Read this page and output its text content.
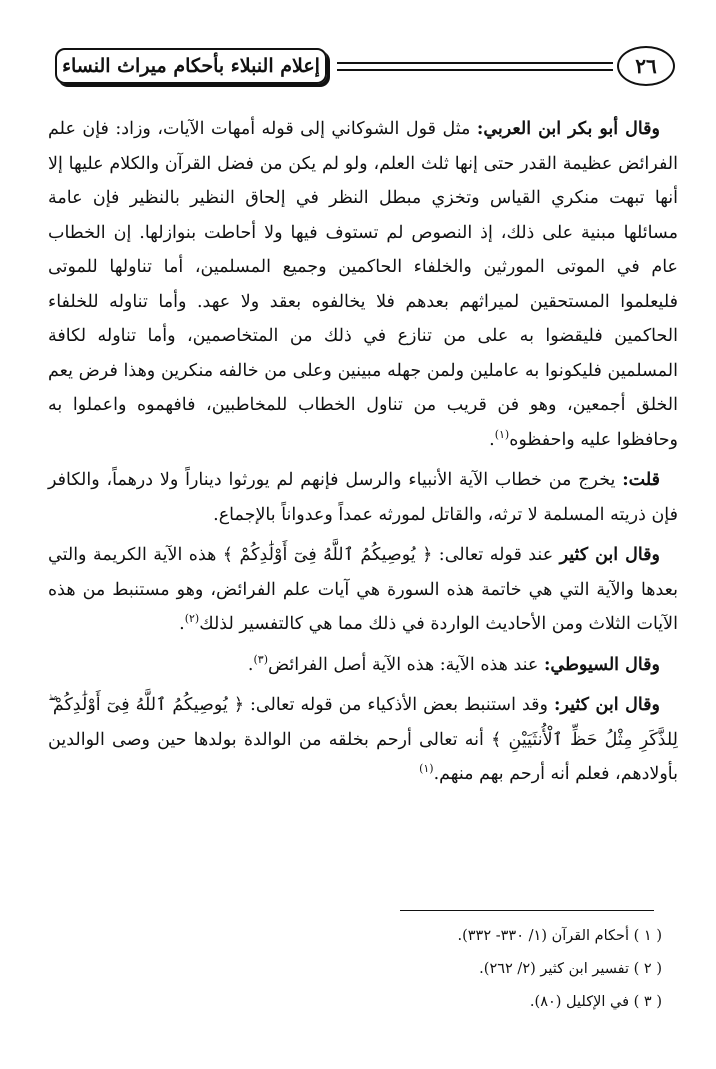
إعلام النبلاء بأحكام ميراث النساء	٢٦

وقال أبو بكر ابن العربي: مثل قول الشوكاني إلى قوله أمهات الآيات، وزاد: فإن علم الفرائض عظيمة القدر حتى إنها ثلث العلم، ولو لم يكن من فضل القرآن والكلام عليها إلا أنها تبهت منكري القياس وتخزي مبطل النظر في إلحاق النظير بالنظير فإن عامة مسائلها مبنية على ذلك، إذ النصوص لم تستوف فيها ولا أحاطت بنوازلها. إن الخطاب عام في الموتى المورثين والخلفاء الحاكمين وجميع المسلمين، أما تناولها للموتى فليعلموا المستحقين لميراثهم بعدهم فلا يخالفوه بعقد ولا عهد. وأما تناوله للخلفاء الحاكمين فليقضوا به على من تنازع في ذلك من المتخاصمين، وأما تناوله لكافة المسلمين فليكونوا به عاملين ولمن جهله مبينين وعلى من خالفه منكرين وهذا فرض يعم الخلق أجمعين، وهو فن قريب من تناول الخطاب للمخاطبين، فافهموه واعملوا به وحافظوا عليه واحفظوه$^{(١)}$.

قلت: يخرج من خطاب الآية الأنبياء والرسل فإنهم لم يورثوا ديناراً ولا درهماً، والكافر فإن ذريته المسلمة لا ترثه، والقاتل لمورثه عمداً وعدواناً بالإجماع.

وقال ابن كثير عند قوله تعالى: ﴿ يُوصِيكُمُ ٱللَّهُ فِىٓ أَوْلَٰدِكُمْ ﴾ هذه الآية الكريمة والتي بعدها والآية التي هي خاتمة هذه السورة هي آيات علم الفرائض، وهو مستنبط من هذه الآيات الثلاث ومن الأحاديث الواردة في ذلك مما هي كالتفسير لذلك$^{(٢)}$.

وقال السيوطي: عند هذه الآية: هذه الآية أصل الفرائض$^{(٣)}$.

وقال ابن كثير: وقد استنبط بعض الأذكياء من قوله تعالى: ﴿ يُوصِيكُمُ ٱللَّهُ فِىٓ أَوْلَٰدِكُمْ ۖ لِلذَّكَرِ مِثْلُ حَظِّ ٱلْأُنثَيَيْنِ ﴾ أنه تعالى أرحم بخلقه من الوالدة بولدها حين وصى الوالدين بأولادهم، فعلم أنه أرحم بهم منهم.$^{(١)}$

( ١ ) أحكام القرآن (١/ ٣٣٠- ٣٣٢).
( ٢ ) تفسير ابن كثير (٢/ ٢٦٢).
( ٣ ) في الإكليل (٨٠).
